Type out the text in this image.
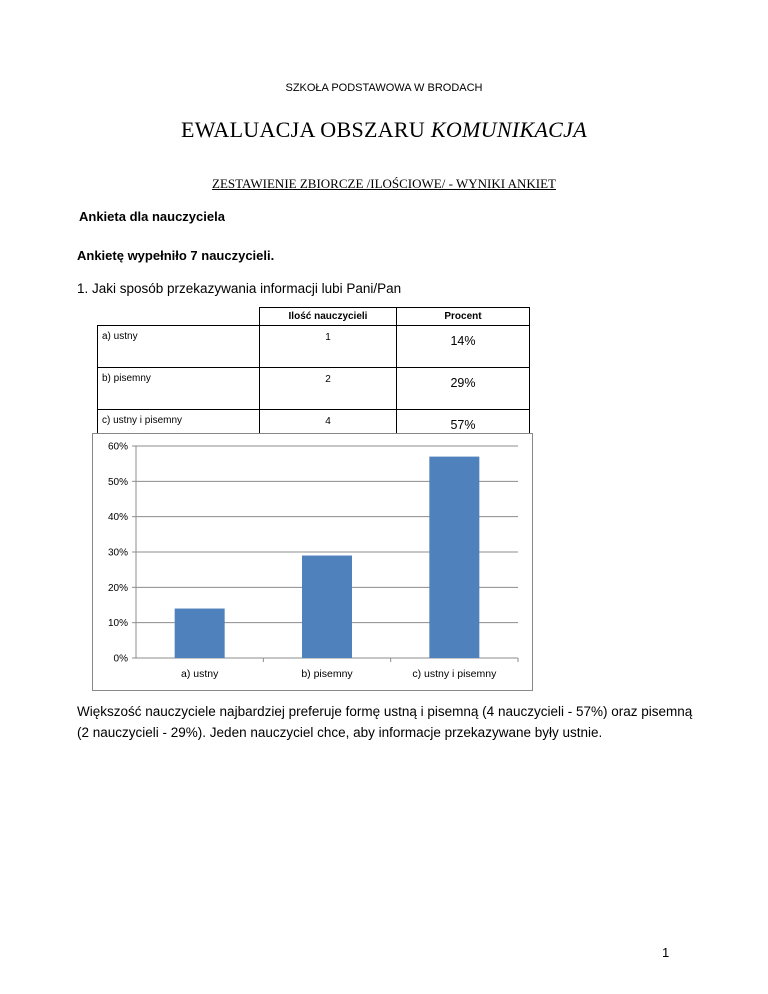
SZKOŁA PODSTAWOWA W BRODACH
EWALUACJA OBSZARU KOMUNIKACJA
ZESTAWIENIE ZBIORCZE /ILOŚCIOWE/ - WYNIKI ANKIET
Ankieta dla nauczyciela
Ankietę wypełniło 7 nauczycieli.
1. Jaki sposób przekazywania informacji lubi Pani/Pan
	Ilość nauczycieli	Procent
a) ustny	1	14%
b) pisemny	2	29%
c) ustny i pisemny	4	57%
0%
10%
20%
30%
40%
50%
60%
a) ustny	b) pisemny	c) ustny i pisemny
Większość nauczyciele najbardziej preferuje formę ustną i pisemną (4 nauczycieli - 57%) oraz pisemną (2 nauczycieli - 29%). Jeden nauczyciel chce, aby informacje przekazywane były ustnie.
1
